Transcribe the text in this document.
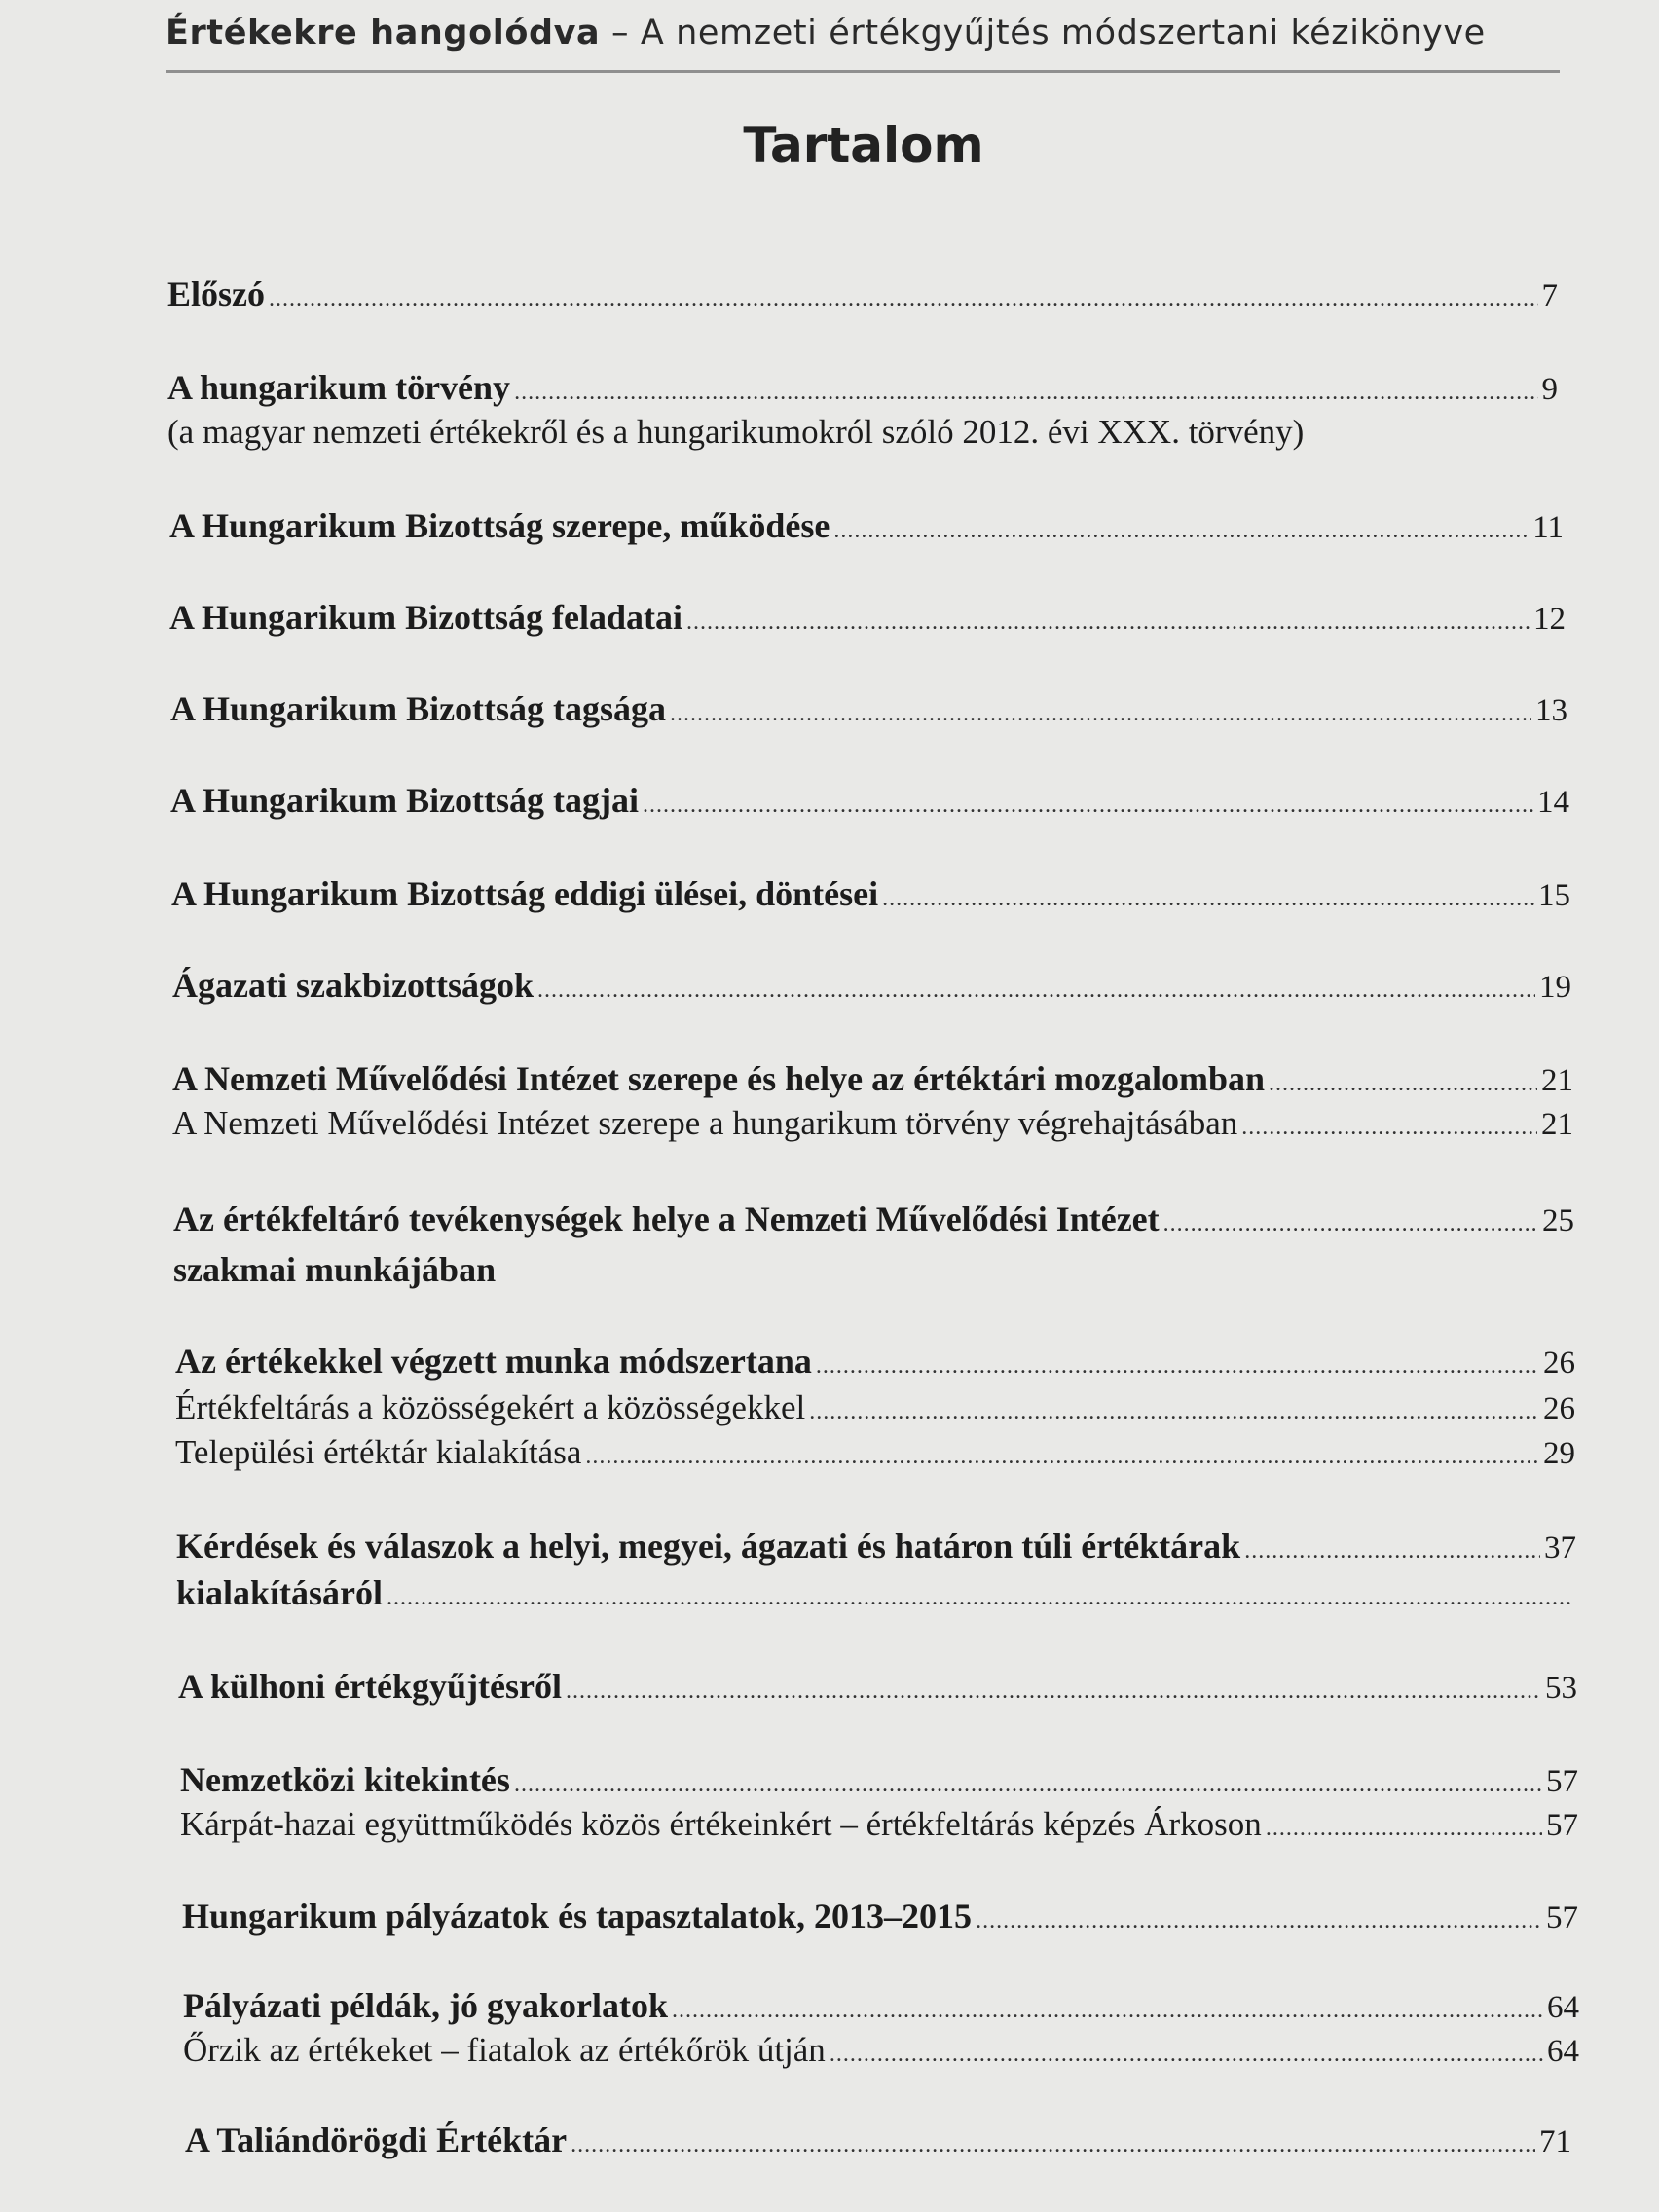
Értékekre hangolódva – A nemzeti értékgyűjtés módszertani kézikönyve
Tartalom
Előszó .....	7
A hungarikum törvény .....	9
(a magyar nemzeti értékekről és a hungarikumokról szóló 2012. évi XXX. törvény)
A Hungarikum Bizottság szerepe, működése .....	11
A Hungarikum Bizottság feladatai .....	12
A Hungarikum Bizottság tagsága .....	13
A Hungarikum Bizottság tagjai .....	14
A Hungarikum Bizottság eddigi ülései, döntései .....	15
Ágazati szakbizottságok .....	19
A Nemzeti Művelődési Intézet szerepe és helye az értéktári mozgalomban .....	21
A Nemzeti Művelődési Intézet szerepe a hungarikum törvény végrehajtásában .....	21
Az értékfeltáró tevékenységek helye a Nemzeti Művelődési Intézet .....	25
szakmai munkájában
Az értékekkel végzett munka módszertana .....	26
Értékfeltárás a közösségekért a közösségekkel .....	26
Települési értéktár kialakítása .....	29
Kérdések és válaszok a helyi, megyei, ágazati és határon túli értéktárak .....	37
kialakításáról
.....
A külhoni értékgyűjtésről .....	53
Nemzetközi kitekintés .....	57
Kárpát-hazai együttműködés közös értékeinkért – értékfeltárás képzés Árkoson .....	57
Hungarikum pályázatok és tapasztalatok, 2013–2015 .....	57
Pályázati példák, jó gyakorlatok .....	64
Őrzik az értékeket – fiatalok az értékőrök útján .....	64
A Taliándörögdi Értéktár .....	71
